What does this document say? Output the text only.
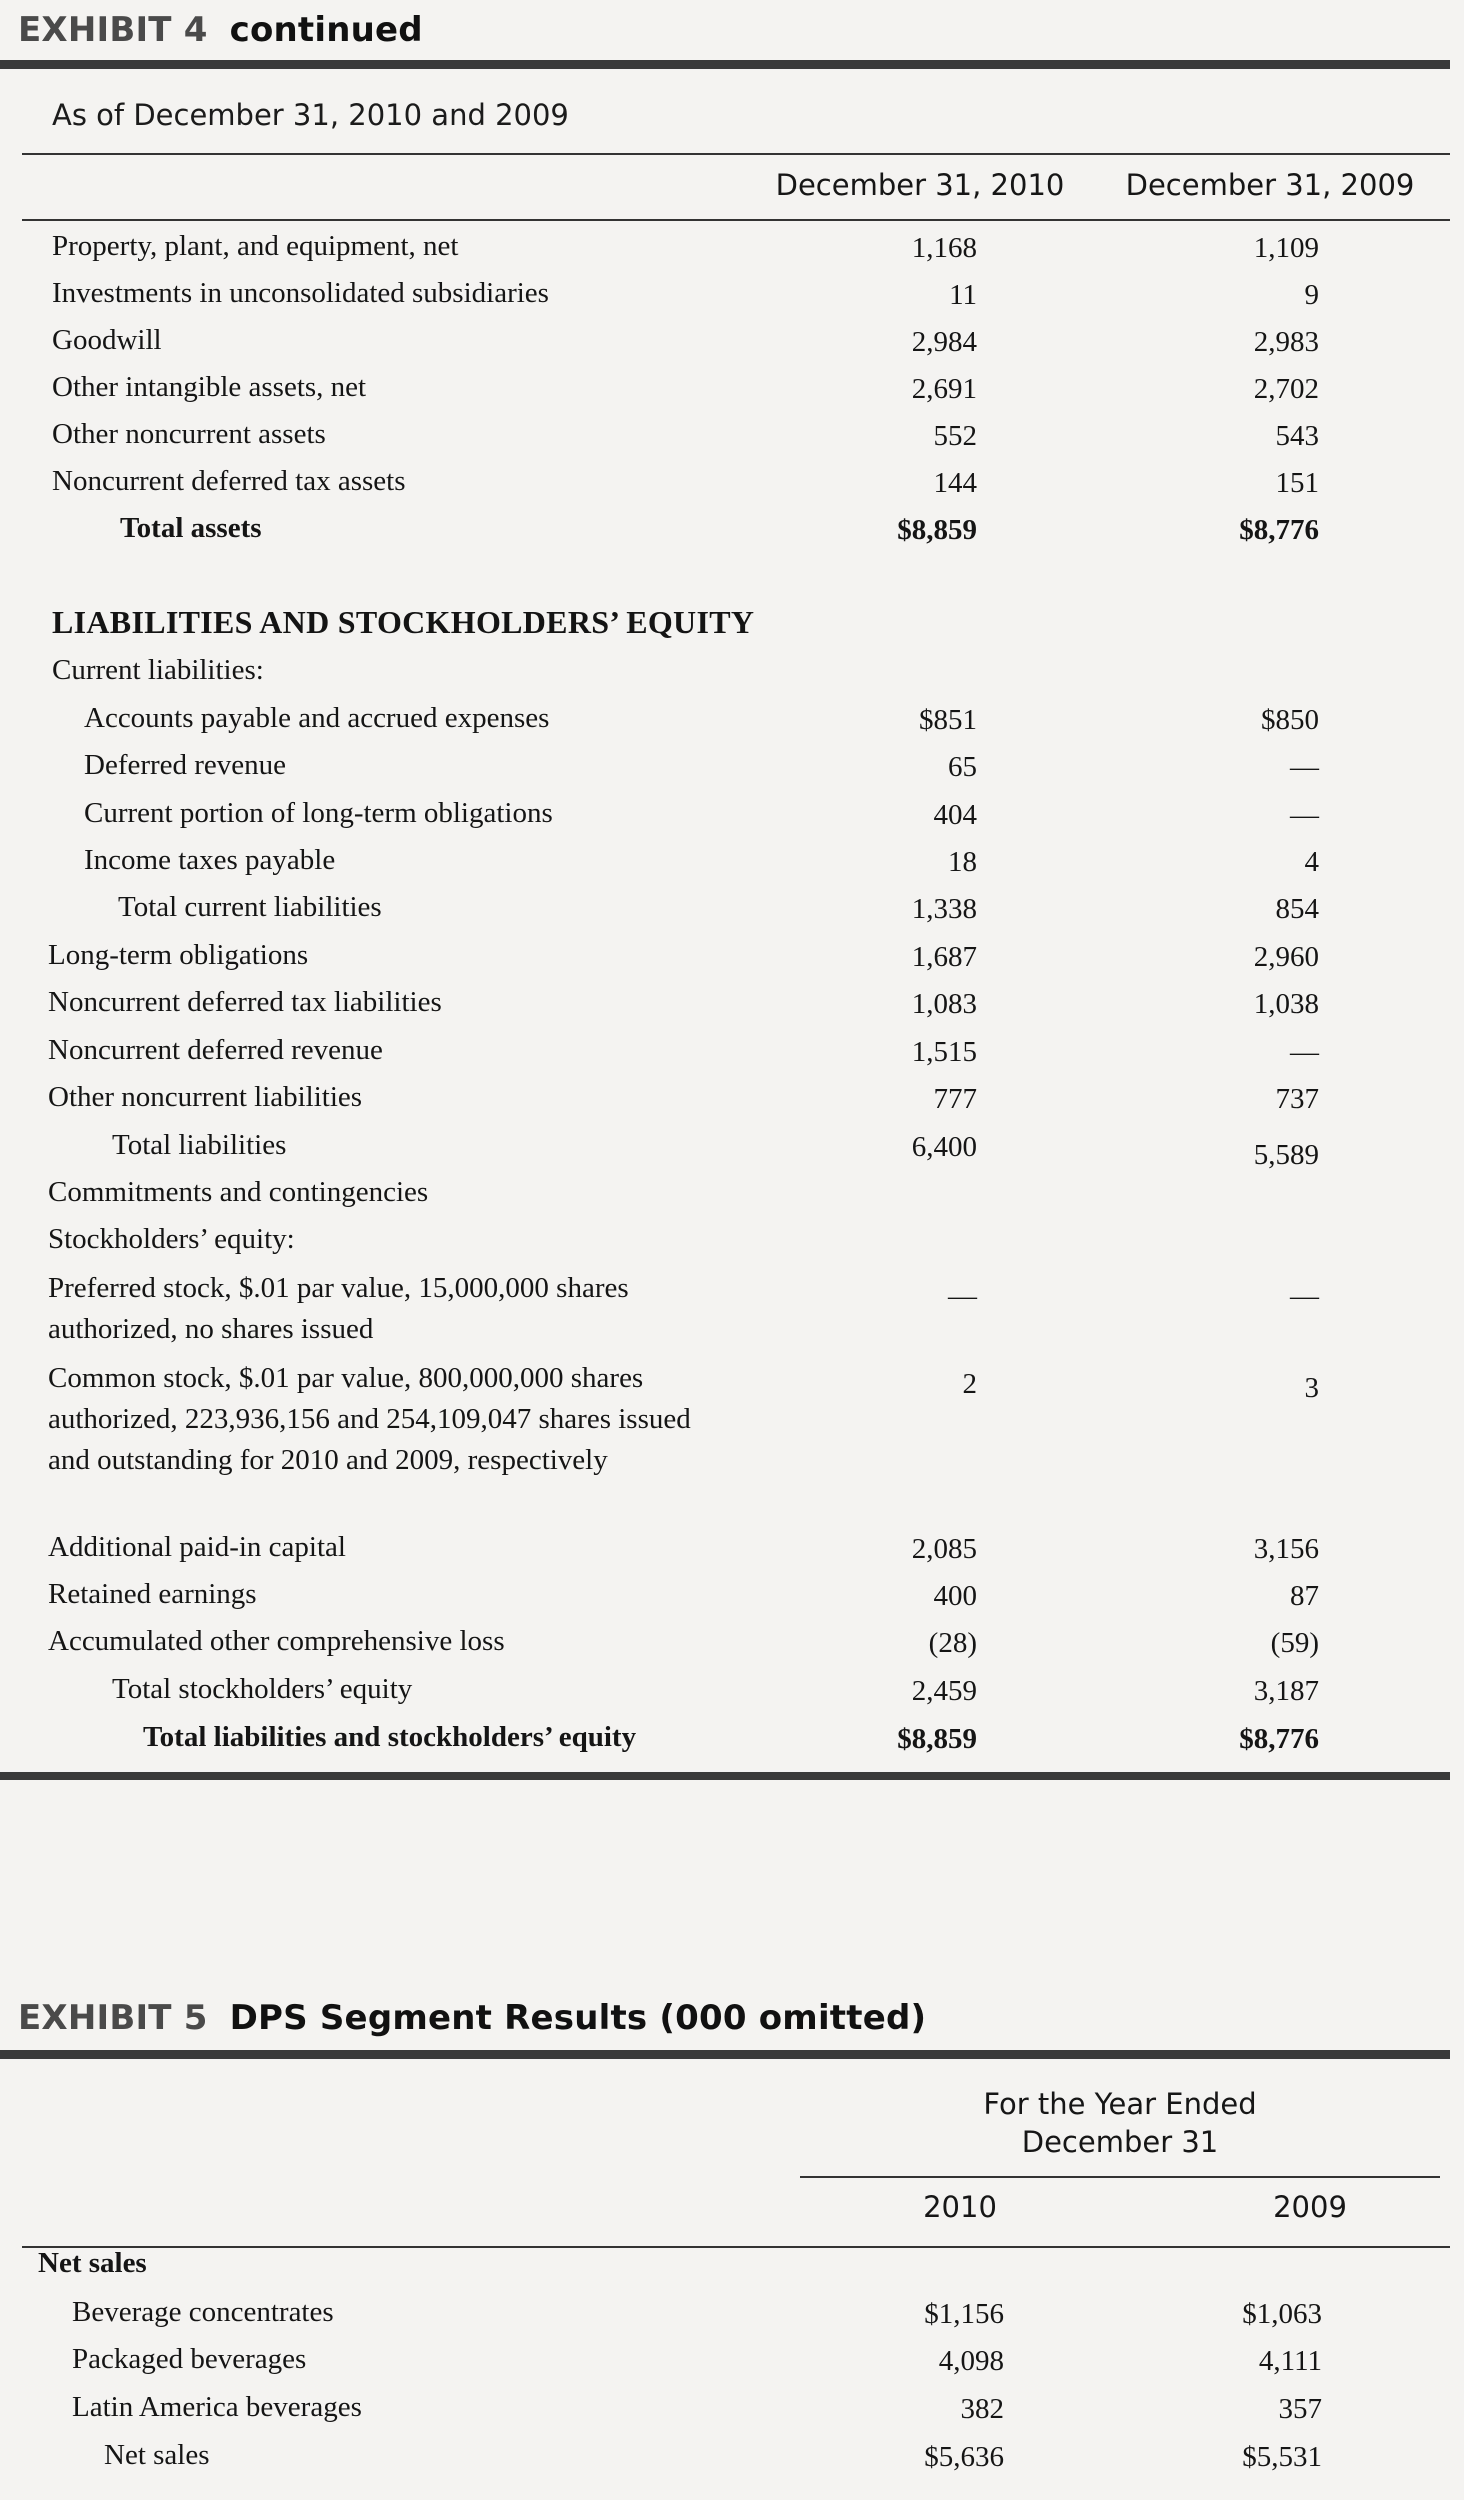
EXHIBIT 4 continued
As of December 31, 2010 and 2009
December 31, 2010 December 31, 2009
Property, plant, and equipment, net	1,168	1,109
Investments in unconsolidated subsidiaries	11	9
Goodwill	2,984	2,983
Other intangible assets, net	2,691	2,702
Other noncurrent assets	552	543
Noncurrent deferred tax assets	144	151
Total assets	$8,859	$8,776
LIABILITIES AND STOCKHOLDERS’ EQUITY
Current liabilities:
Accounts payable and accrued expenses	$851	$850
Deferred revenue	65	—
Current portion of long-term obligations	404	—
Income taxes payable	18	4
Total current liabilities	1,338	854
Long-term obligations	1,687	2,960
Noncurrent deferred tax liabilities	1,083	1,038
Noncurrent deferred revenue	1,515	—
Other noncurrent liabilities	777	737
Total liabilities	6,400	5,589
Commitments and contingencies
Stockholders’ equity:
Preferred stock, $.01 par value, 15,000,000 shares authorized, no shares issued
—	—
Common stock, $.01 par value, 800,000,000 shares authorized, 223,936,156 and 254,109,047 shares issued and outstanding for 2010 and 2009, respectively
2	3
Additional paid-in capital	2,085	3,156
Retained earnings	400	87
Accumulated other comprehensive loss	(28)	(59)
Total stockholders’ equity	2,459	3,187
Total liabilities and stockholders’ equity	$8,859	$8,776
EXHIBIT 5 DPS Segment Results (000 omitted)
For the Year Ended
December 31
2010	2009
Net sales
Beverage concentrates	$1,156	$1,063
Packaged beverages	4,098	4,111
Latin America beverages	382	357
Net sales	$5,636	$5,531
